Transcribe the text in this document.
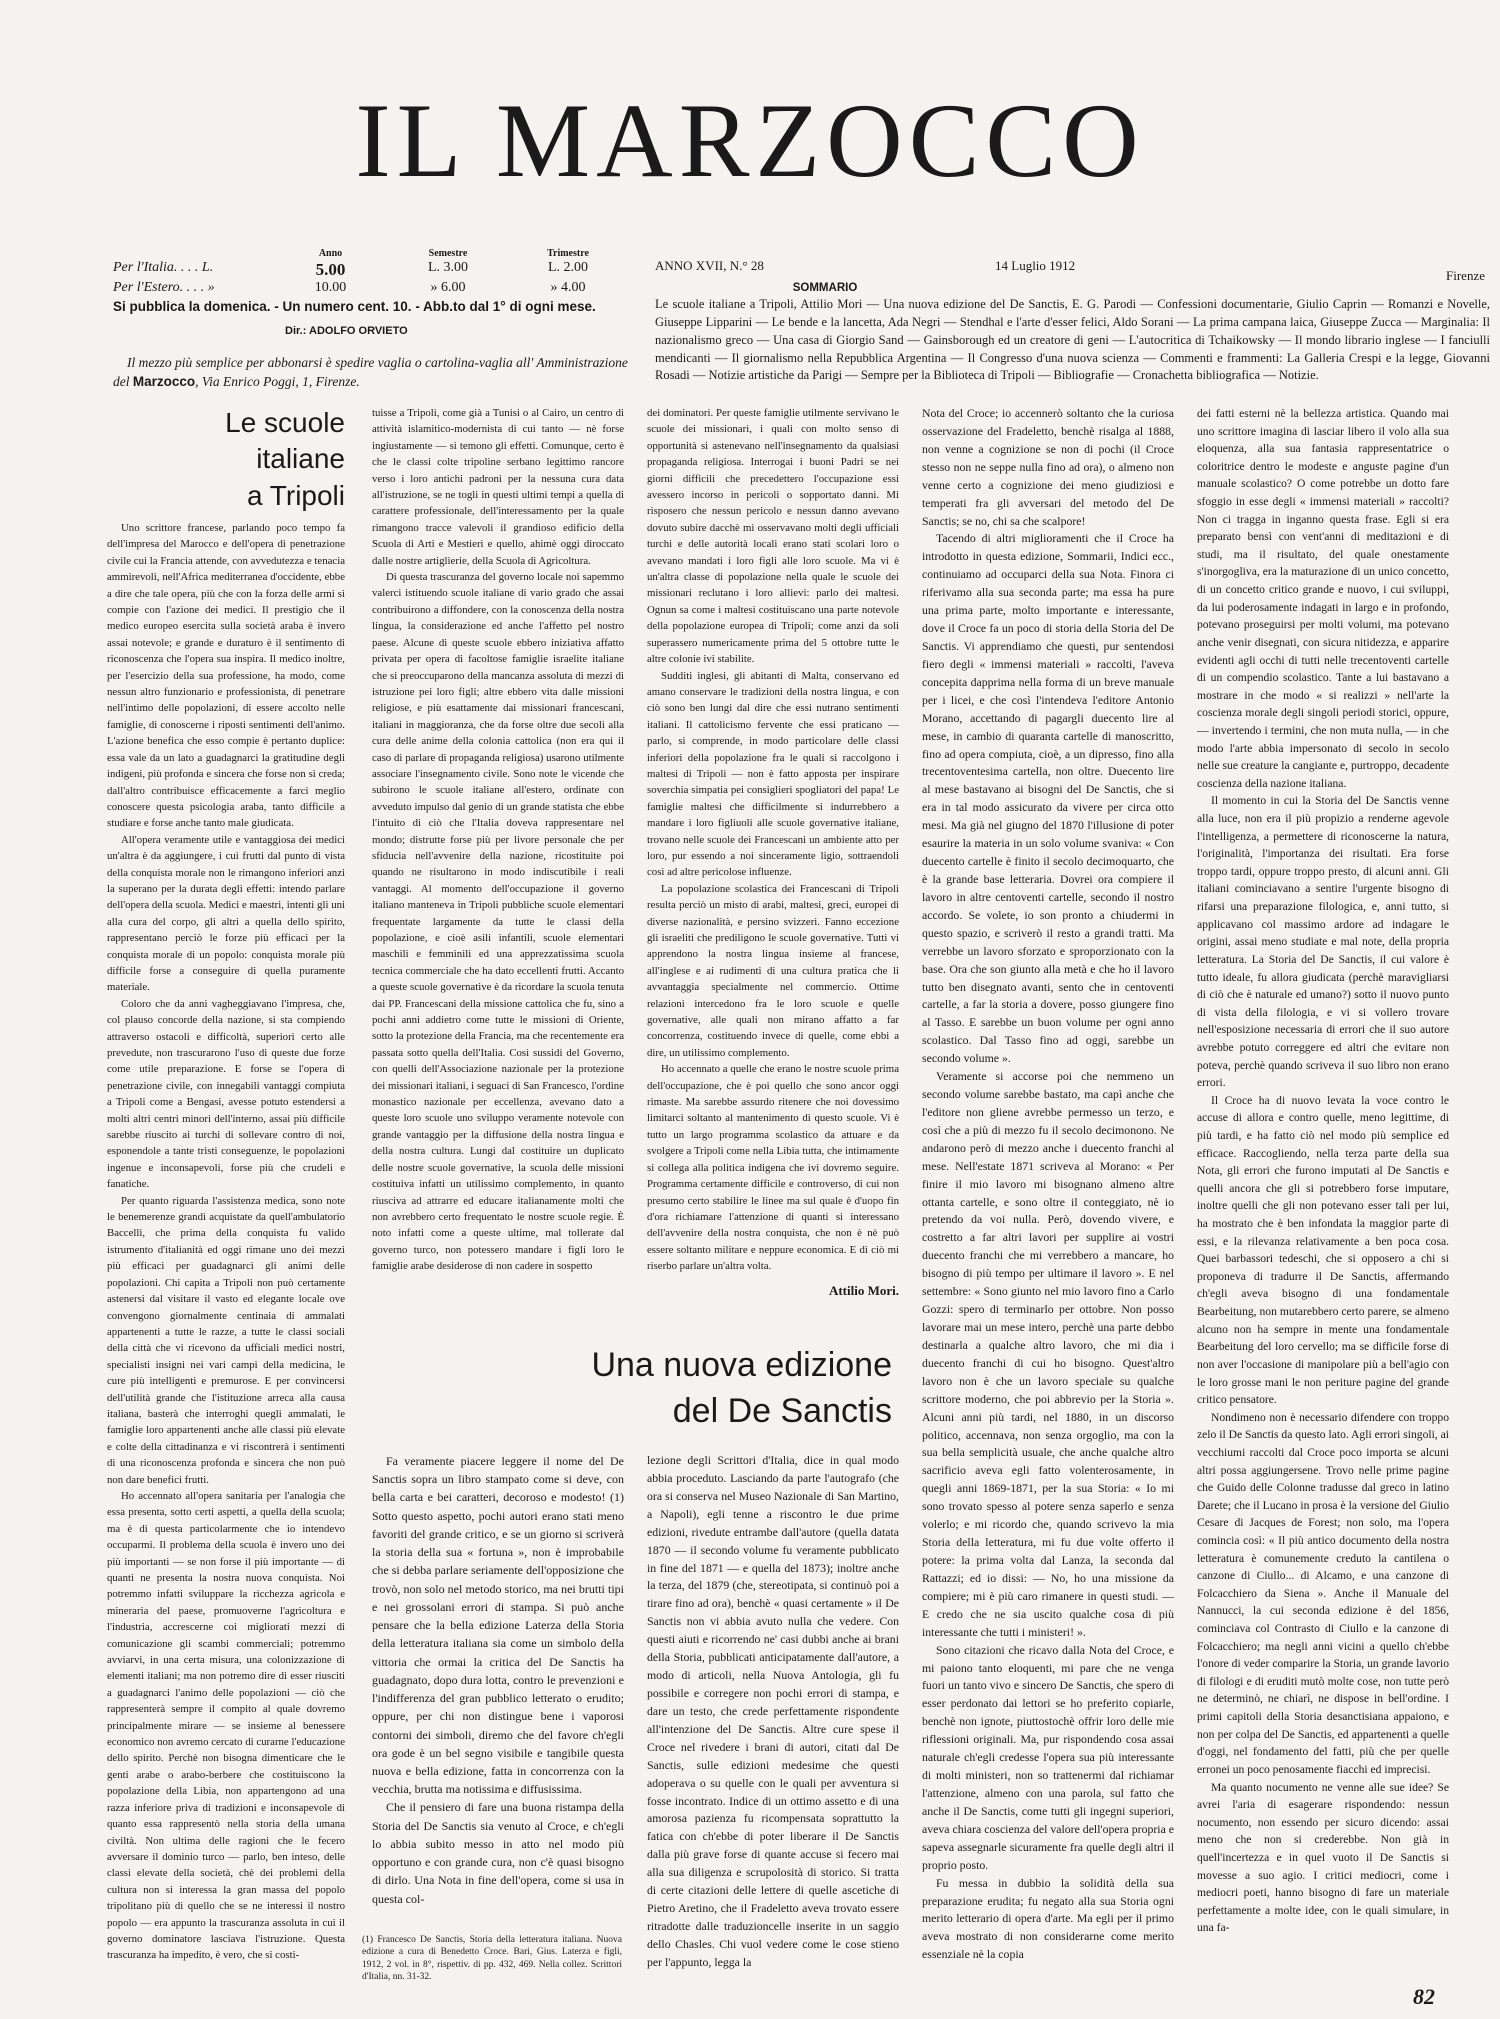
IL MARZOCCO
Anno	Semestre	Trimestre
Per l'Italia. . . . L.	5.00	L. 3.00	L. 2.00
Per l'Estero. . . . »	10.00	» 6.00	» 4.00
Si pubblica la domenica. - Un numero cent. 10. - Abb.to dal 1° di ogni mese.
Dir.: ADOLFO ORVIETO
Il mezzo più semplice per abbonarsi è spedire vaglia o cartolina-vaglia all' Amministrazione del Marzocco, Via Enrico Poggi, 1, Firenze.
ANNO XVII, N.° 28	14 Luglio 1912
Firenze
SOMMARIO
Le scuole italiane a Tripoli, Attilio Mori — Una nuova edizione del De Sanctis, E. G. Parodi — Confessioni documentarie, Giulio Caprin — Romanzi e Novelle, Giuseppe Lipparini — Le bende e la lancetta, Ada Negri — Stendhal e l'arte d'esser felici, Aldo Sorani — La prima campana laica, Giuseppe Zucca — Marginalia: Il nazionalismo greco — Una casa di Giorgio Sand — Gainsborough ed un creatore di geni — L'autocritica di Tchaikowsky — Il mondo librario inglese — I fanciulli mendicanti — Il giornalismo nella Repubblica Argentina — Il Congresso d'una nuova scienza — Commenti e frammenti: La Galleria Crespi e la legge, Giovanni Rosadi — Notizie artistiche da Parigi — Sempre per la Biblioteca di Tripoli — Bibliografie — Cronachetta bibliografica — Notizie.
Le scuole
italiane
a Tripoli

Uno scrittore francese, parlando poco tempo fa dell'impresa del Marocco e dell'opera di penetrazione civile cui la Francia attende, con avvedutezza e tenacia ammirevoli, nell'Africa mediterranea d'occidente, ebbe a dire che tale opera, più che con la forza delle armi si compie con l'azione dei medici. Il prestigio che il medico europeo esercita sulla società araba è invero assai notevole; e grande e duraturo è il sentimento di riconoscenza che l'opera sua inspira. Il medico inoltre, per l'esercizio della sua professione, ha modo, come nessun altro funzionario e professionista, di penetrare nell'intimo delle popolazioni, di essere accolto nelle famiglie, di conoscerne i riposti sentimenti dell'animo. L'azione benefica che esso compie è pertanto duplice: essa vale da un lato a guadagnarci la gratitudine degli indigeni, più profonda e sincera che forse non si creda; dall'altro contribuisce efficacemente a farci meglio conoscere questa psicologia araba, tanto difficile a studiare e forse anche tanto male giudicata.

All'opera veramente utile e vantaggiosa dei medici un'altra è da aggiungere, i cui frutti dal punto di vista della conquista morale non le rimangono inferiori anzi la superano per la durata degli effetti: intendo parlare dell'opera della scuola. Medici e maestri, intenti gli uni alla cura del corpo, gli altri a quella dello spirito, rappresentano perciò le forze più efficaci per la conquista morale di un popolo: conquista morale più difficile forse a conseguire di quella puramente materiale.

Coloro che da anni vagheggiavano l'impresa, che, col plauso concorde della nazione, si sta compiendo attraverso ostacoli e difficoltà, superiori certo alle prevedute, non trascurarono l'uso di queste due forze come utile preparazione. E forse se l'opera di penetrazione civile, con innegabili vantaggi compiuta a Tripoli come a Bengasi, avesse potuto estendersi a molti altri centri minori dell'interno, assai più difficile sarebbe riuscito ai turchi di sollevare contro di noi, esponendole a tante tristi conseguenze, le popolazioni ingenue e inconsapevoli, forse più che crudeli e fanatiche.

Per quanto riguarda l'assistenza medica, sono note le benemerenze grandi acquistate da quell'ambulatorio Baccelli, che prima della conquista fu valido istrumento d'italianità ed oggi rimane uno dei mezzi più efficaci per guadagnarci gli animi delle popolazioni. Chi capita a Tripoli non può certamente astenersi dal visitare il vasto ed elegante locale ove convengono giornalmente centinaia di ammalati appartenenti a tutte le razze, a tutte le classi sociali della città che vi ricevono da ufficiali medici nostri, specialisti insigni nei vari campi della medicina, le cure più intelligenti e premurose. E per convincersi dell'utilità grande che l'istituzione arreca alla causa italiana, basterà che interroghi quegli ammalati, le famiglie loro appartenenti anche alle classi più elevate e colte della cittadinanza e vi riscontrerà i sentimenti di una riconoscenza profonda e sincera che non può non dare benefici frutti.

Ho accennato all'opera sanitaria per l'analogia che essa presenta, sotto certi aspetti, a quella della scuola; ma è di questa particolarmente che io intendevo occuparmi. Il problema della scuola è invero uno dei più importanti — se non forse il più importante — di quanti ne presenta la nostra nuova conquista. Noi potremmo infatti sviluppare la ricchezza agricola e mineraria del paese, promuoverne l'agricoltura e l'industria, accrescerne coi migliorati mezzi di comunicazione gli scambi commerciali; potremmo avviarvi, in una certa misura, una colonizzazione di elementi italiani; ma non potremo dire di esser riusciti a guadagnarci l'animo delle popolazioni — ciò che rappresenterà sempre il compito al quale dovremo principalmente mirare — se insieme al benessere economico non avremo cercato di curarne l'educazione dello spirito. Perchè non bisogna dimenticare che le genti arabe o arabo-berbere che costituiscono la popolazione della Libia, non appartengono ad una razza inferiore priva di tradizioni e inconsapevole di quanto essa rappresentò nella storia della umana civiltà. Non ultima delle ragioni che le fecero avversare il dominio turco — parlo, ben inteso, delle classi elevate della società, chè dei problemi della cultura non si interessa la gran massa del popolo tripolitano più di quello che se ne interessi il nostro popolo — era appunto la trascuranza assoluta in cui il governo dominatore lasciava l'istruzione. Questa trascuranza ha impedito, è vero, che si costi-

tuisse a Tripoli, come già a Tunisi o al Cairo, un centro di attività islamitico-modernista di cui tanto — nè forse ingiustamente — si temono gli effetti. Comunque, certo è che le classi colte tripoline serbano legittimo rancore verso i loro antichi padroni per la nessuna cura data all'istruzione, se ne togli in questi ultimi tempi a quella di carattere professionale, dell'interessamento per la quale rimangono tracce valevoli il grandioso edificio della Scuola di Arti e Mestieri e quello, ahimè oggi diroccato dalle nostre artiglierie, della Scuola di Agricoltura.

Di questa trascuranza del governo locale noi sapemmo valerci istituendo scuole italiane di vario grado che assai contribuirono a diffondere, con la conoscenza della nostra lingua, la considerazione ed anche l'affetto pel nostro paese. Alcune di queste scuole ebbero iniziativa affatto privata per opera di facoltose famiglie israelite italiane che si preoccuparono della mancanza assoluta di mezzi di istruzione pei loro figli; altre ebbero vita dalle missioni religiose, e più esattamente dai missionari francescani, italiani in maggioranza, che da forse oltre due secoli alla cura delle anime della colonia cattolica (non era qui il caso di parlare di propaganda religiosa) usarono utilmente associare l'insegnamento civile. Sono note le vicende che subirono le scuole italiane all'estero, ordinate con avveduto impulso dal genio di un grande statista che ebbe l'intuito di ciò che l'Italia doveva rappresentare nel mondo; distrutte forse più per livore personale che per sfiducia nell'avvenire della nazione, ricostituite poi quando ne risultarono in modo indiscutibile i reali vantaggi. Al momento dell'occupazione il governo italiano manteneva in Tripoli pubbliche scuole elementari frequentate largamente da tutte le classi della popolazione, e cioè asili infantili, scuole elementari maschili e femminili ed una apprezzatissima scuola tecnica commerciale che ha dato eccellenti frutti. Accanto a queste scuole governative è da ricordare la scuola tenuta dai PP. Francescani della missione cattolica che fu, sino a pochi anni addietro come tutte le missioni di Oriente, sotto la protezione della Francia, ma che recentemente era passata sotto quella dell'Italia. Così sussidi del Governo, con quelli dell'Associazione nazionale per la protezione dei missionari italiani, i seguaci di San Francesco, l'ordine monastico nazionale per eccellenza, avevano dato a queste loro scuole uno sviluppo veramente notevole con grande vantaggio per la diffusione della nostra lingua e della nostra cultura. Lungi dal costituire un duplicato delle nostre scuole governative, la scuola delle missioni costituiva infatti un utilissimo complemento, in quanto riusciva ad attrarre ed educare italianamente molti che non avrebbero certo frequentato le nostre scuole regie. È noto infatti come a queste ultime, mal tollerate dal governo turco, non potessero mandare i figli loro le famiglie arabe desiderose di non cadere in sospetto

dei dominatori. Per queste famiglie utilmente servivano le scuole dei missionari, i quali con molto senso di opportunità si astenevano nell'insegnamento da qualsiasi propaganda religiosa. Interrogai i buoni Padri se nei giorni difficili che precedettero l'occupazione essi avessero incorso in pericoli o sopportato danni. Mi risposero che nessun pericolo e nessun danno avevano dovuto subire dacchè mi osservavano molti degli ufficiali turchi e delle autorità locali erano stati scolari loro o avevano mandati i loro figli alle loro scuole. Ma vi è un'altra classe di popolazione nella quale le scuole dei missionari reclutano i loro allievi: parlo dei maltesi. Ognun sa come i maltesi costituiscano una parte notevole della popolazione europea di Tripoli; come anzi da soli superassero numericamente prima del 5 ottobre tutte le altre colonie ivi stabilite.

Sudditi inglesi, gli abitanti di Malta, conservano ed amano conservare le tradizioni della nostra lingua, e con ciò sono ben lungi dal dire che essi nutrano sentimenti italiani. Il cattolicismo fervente che essi praticano — parlo, si comprende, in modo particolare delle classi inferiori della popolazione fra le quali si raccolgono i maltesi di Tripoli — non è fatto apposta per inspirare soverchia simpatia pei consiglieri spogliatori del papa! Le famiglie maltesi che difficilmente si indurrebbero a mandare i loro figliuoli alle scuole governative italiane, trovano nelle scuole dei Francescani un ambiente atto per loro, pur essendo a noi sinceramente ligio, sottraendoli così ad altre pericolose influenze.

La popolazione scolastica dei Francescani di Tripoli resulta perciò un misto di arabi, maltesi, greci, europei di diverse nazionalità, e persino svizzeri. Fanno eccezione gli israeliti che prediligono le scuole governative. Tutti vi apprendono la nostra lingua insieme al francese, all'inglese e ai rudimenti di una cultura pratica che li avvantaggia specialmente nel commercio. Ottime relazioni intercedono fra le loro scuole e quelle governative, alle quali non mirano affatto a far concorrenza, costituendo invece di quelle, come ebbi a dire, un utilissimo complemento.

Ho accennato a quelle che erano le nostre scuole prima dell'occupazione, che è poi quello che sono ancor oggi rimaste. Ma sarebbe assurdo ritenere che noi dovessimo limitarci soltanto al mantenimento di questo scuole. Vi è tutto un largo programma scolastico da attuare e da svolgere a Tripoli come nella Libia tutta, che intimamente si collega alla politica indigena che ivi dovremo seguire. Programma certamente difficile e controverso, di cui non presumo certo stabilire le linee ma sul quale è d'uopo fin d'ora richiamare l'attenzione di quanti si interessano dell'avvenire della nostra conquista, che non è nè può essere soltanto militare e neppure economica. E di ciò mi riserbo parlare un'altra volta.

Attilio Mori.
Una nuova edizione
del De Sanctis

Fa veramente piacere leggere il nome del De Sanctis sopra un libro stampato come si deve, con bella carta e bei caratteri, decoroso e modesto! (1) Sotto questo aspetto, pochi autori erano stati meno favoriti del grande critico, e se un giorno si scriverà la storia della sua « fortuna », non è improbabile che si debba parlare seriamente dell'opposizione che trovò, non solo nel metodo storico, ma nei brutti tipi e nei grossolani errori di stampa. Si può anche pensare che la bella edizione Laterza della Storia della letteratura italiana sia come un simbolo della vittoria che ormai la critica del De Sanctis ha guadagnato, dopo dura lotta, contro le prevenzioni e l'indifferenza del gran pubblico letterato o erudito; oppure, per chi non distingue bene i vaporosi contorni dei simboli, diremo che del favore ch'egli ora gode è un bel segno visibile e tangibile questa nuova e bella edizione, fatta in concorrenza con la vecchia, brutta ma notissima e diffusissima.

Che il pensiero di fare una buona ristampa della Storia del De Sanctis sia venuto al Croce, e ch'egli lo abbia subito messo in atto nel modo più opportuno e con grande cura, non c'è quasi bisogno di dirlo. Una Nota in fine dell'opera, come si usa in questa col-

(1) Francesco De Sanctis, Storia della letteratura italiana. Nuova edizione a cura di Benedetto Croce. Bari, Gius. Laterza e figli, 1912, 2 vol. in 8°, rispettiv. di pp. 432, 469. Nella collez. Scrittori d'Italia, nn. 31-32.

lezione degli Scrittori d'Italia, dice in qual modo abbia proceduto. Lasciando da parte l'autografo (che ora si conserva nel Museo Nazionale di San Martino, a Napoli), egli tenne a riscontro le due prime edizioni, rivedute entrambe dall'autore (quella datata 1870 — il secondo volume fu veramente pubblicato in fine del 1871 — e quella del 1873); inoltre anche la terza, del 1879 (che, stereotipata, si continuò poi a tirare fino ad ora), benchè « quasi certamente » il De Sanctis non vi abbia avuto nulla che vedere. Con questi aiuti e ricorrendo ne' casi dubbi anche ai brani della Storia, pubblicati anticipatamente dall'autore, a modo di articoli, nella Nuova Antologia, gli fu possibile e corregere non pochi errori di stampa, e dare un testo, che crede perfettamente rispondente all'intenzione del De Sanctis. Altre cure spese il Croce nel rivedere i brani di autori, citati dal De Sanctis, sulle edizioni medesime che questi adoperava o su quelle con le quali per avventura si fosse incontrato. Indice di un ottimo assetto e di una amorosa pazienza fu ricompensata soprattutto la fatica con ch'ebbe di poter liberare il De Sanctis dalla più grave forse di quante accuse si fecero mai alla sua diligenza e scrupolosità di storico. Si tratta di certe citazioni delle lettere di quelle ascetiche di Pietro Aretino, che il Fradeletto aveva trovato essere ritradotte dalle traduzioncelle inserite in un saggio dello Chasles. Chi vuol vedere come le cose stieno per l'appunto, legga la

Nota del Croce; io accennerò soltanto che la curiosa osservazione del Fradeletto, benchè risalga al 1888, non venne a cognizione se non di pochi (il Croce stesso non ne seppe nulla fino ad ora), o almeno non venne certo a cognizione dei meno giudiziosi e temperati fra gli avversari del metodo del De Sanctis; se no, chi sa che scalpore!

Tacendo di altri miglioramenti che il Croce ha introdotto in questa edizione, Sommarii, Indici ecc., continuiamo ad occuparci della sua Nota. Finora ci riferivamo alla sua seconda parte; ma essa ha pure una prima parte, molto importante e interessante, dove il Croce fa un poco di storia della Storia del De Sanctis. Vi apprendiamo che questi, pur sentendosi fiero degli « immensi materiali » raccolti, l'aveva concepita dapprima nella forma di un breve manuale per i licei, e che così l'intendeva l'editore Antonio Morano, accettando di pagargli duecento lire al mese, in cambio di quaranta cartelle di manoscritto, fino ad opera compiuta, cioè, a un dipresso, fino alla trecentoventesima cartella, non oltre. Duecento lire al mese bastavano ai bisogni del De Sanctis, che si era in tal modo assicurato da vivere per circa otto mesi. Ma già nel giugno del 1870 l'illusione di poter esaurire la materia in un solo volume svaniva: « Con duecento cartelle è finito il secolo decimoquarto, che è la grande base letteraria. Dovrei ora compiere il lavoro in altre centoventi cartelle, secondo il nostro accordo. Se volete, io son pronto a chiudermi in questo spazio, e scriverò il resto a grandi tratti. Ma verrebbe un lavoro sforzato e sproporzionato con la base. Ora che son giunto alla metà e che ho il lavoro tutto ben disegnato avanti, sento che in centoventi cartelle, a far la storia a dovere, posso giungere fino al Tasso. E sarebbe un buon volume per ogni anno scolastico. Dal Tasso fino ad oggi, sarebbe un secondo volume ».

Veramente si accorse poi che nemmeno un secondo volume sarebbe bastato, ma capì anche che l'editore non gliene avrebbe permesso un terzo, e così che a più di mezzo fu il secolo decimonono. Ne andarono però di mezzo anche i duecento franchi al mese. Nell'estate 1871 scriveva al Morano: « Per finire il mio lavoro mi bisognano almeno altre ottanta cartelle, e sono oltre il conteggiato, nè io pretendo da voi nulla. Però, dovendo vivere, e costretto a far altri lavori per supplire ai vostri duecento franchi che mi verrebbero a mancare, ho bisogno di più tempo per ultimare il lavoro ». E nel settembre: « Sono giunto nel mio lavoro fino a Carlo Gozzi: spero di terminarlo per ottobre. Non posso lavorare mai un mese intero, perchè una parte debbo destinarla a qualche altro lavoro, che mi dia i duecento franchi di cui ho bisogno. Quest'altro lavoro non è che un lavoro speciale su qualche scrittore moderno, che poi abbrevio per la Storia ». Alcuni anni più tardi, nel 1880, in un discorso politico, accennava, non senza orgoglio, ma con la sua bella semplicità usuale, che anche qualche altro sacrificio aveva egli fatto volenterosamente, in quegli anni 1869-1871, per la sua Storia: « Io mi sono trovato spesso al potere senza saperlo e senza volerlo; e mi ricordo che, quando scrivevo la mia Storia della letteratura, mi fu due volte offerto il potere: la prima volta dal Lanza, la seconda dal Rattazzi; ed io dissi: — No, ho una missione da compiere; mi è più caro rimanere in questi studi. — E credo che ne sia uscito qualche cosa di più interessante che tutti i ministeri! ».

Sono citazioni che ricavo dalla Nota del Croce, e mi paiono tanto eloquenti, mi pare che ne venga fuori un tanto vivo e sincero De Sanctis, che spero di esser perdonato dai lettori se ho preferito copiarle, benchè non ignote, piuttostochè offrir loro delle mie riflessioni originali. Ma, pur rispondendo cosa assai naturale ch'egli credesse l'opera sua più interessante di molti ministeri, non so trattenermi dal richiamar l'attenzione, almeno con una parola, sul fatto che anche il De Sanctis, come tutti gli ingegni superiori, aveva chiara coscienza del valore dell'opera propria e sapeva assegnarle sicuramente fra quelle degli altri il proprio posto.

Fu messa in dubbio la solidità della sua preparazione erudita; fu negato alla sua Storia ogni merito letterario di opera d'arte. Ma egli per il primo aveva mostrato di non considerarne come merito essenziale nè la copia

dei fatti esterni nè la bellezza artistica. Quando mai uno scrittore imagina di lasciar libero il volo alla sua eloquenza, alla sua fantasia rappresentatrice o coloritrice dentro le modeste e anguste pagine d'un manuale scolastico? O come potrebbe un dotto fare sfoggio in esse degli « immensi materiali » raccolti? Non ci tragga in inganno questa frase. Egli si era preparato bensì con vent'anni di meditazioni e di studi, ma il risultato, del quale onestamente s'inorgogliva, era la maturazione di un unico concetto, di un concetto critico grande e nuovo, i cui sviluppi, da lui poderosamente indagati in largo e in profondo, potevano proseguirsi per molti volumi, ma potevano anche venir disegnati, con sicura nitidezza, e apparire evidenti agli occhi di tutti nelle trecentoventi cartelle di un compendio scolastico. Tante a lui bastavano a mostrare in che modo « si realizzi » nell'arte la coscienza morale degli singoli periodi storici, oppure, — invertendo i termini, che non muta nulla, — in che modo l'arte abbia impersonato di secolo in secolo nelle sue creature la cangiante e, purtroppo, decadente coscienza della nazione italiana.

Il momento in cui la Storia del De Sanctis venne alla luce, non era il più propizio a renderne agevole l'intelligenza, a permettere di riconoscerne la natura, l'originalità, l'importanza dei risultati. Era forse troppo tardi, oppure troppo presto, di alcuni anni. Gli italiani cominciavano a sentire l'urgente bisogno di rifarsi una preparazione filologica, e, anni tutto, si applicavano col massimo ardore ad indagare le origini, assai meno studiate e mal note, della propria letteratura. La Storia del De Sanctis, il cui valore è tutto ideale, fu allora giudicata (perchè maravigliarsi di ciò che è naturale ed umano?) sotto il nuovo punto di vista della filologia, e vi si vollero trovare nell'esposizione necessaria di errori che il suo autore avrebbe potuto correggere ed altri che evitare non poteva, perchè quando scriveva il suo libro non erano errori.

Il Croce ha di nuovo levata la voce contro le accuse di allora e contro quelle, meno legittime, di più tardi, e ha fatto ciò nel modo più semplice ed efficace. Raccogliendo, nella terza parte della sua Nota, gli errori che furono imputati al De Sanctis e quelli ancora che gli si potrebbero forse imputare, inoltre quelli che gli non potevano esser tali per lui, ha mostrato che è ben infondata la maggior parte di essi, e la rilevanza relativamente a ben poca cosa. Quei barbassori tedeschi, che si opposero a chi si proponeva di tradurre il De Sanctis, affermando ch'egli aveva bisogno di una fondamentale Bearbeitung, non mutarebbero certo parere, se almeno alcuno non ha sempre in mente una fondamentale Bearbeitung del loro cervello; ma se difficile forse di non aver l'occasione di manipolare più a bell'agio con le loro grosse mani le non periture pagine del grande critico pensatore.

Nondimeno non è necessario difendere con troppo zelo il De Sanctis da questo lato. Agli errori singoli, ai vecchiumi raccolti dal Croce poco importa se alcuni altri possa aggiungersene. Trovo nelle prime pagine che Guido delle Colonne tradusse dal greco in latino Darete; che il Lucano in prosa è la versione del Giulio Cesare di Jacques de Forest; non solo, ma l'opera comincia così: « Il più antico documento della nostra letteratura è comunemente creduto la cantilena o canzone di Ciullo... di Alcamo, e una canzone di Folcacchiero da Siena ». Anche il Manuale del Nannucci, la cui seconda edizione è del 1856, cominciava col Contrasto di Ciullo e la canzone di Folcacchiero; ma negli anni vicini a quello ch'ebbe l'onore di veder comparire la Storia, un grande lavorio di filologi e di eruditi mutò molte cose, non tutte però ne determinò, ne chiarì, ne dispose in bell'ordine. I primi capitoli della Storia desanctisiana appaiono, e non per colpa del De Sanctis, ed appartenenti a quelle d'oggi, nel fondamento del fatti, più che per quelle erronei un poco penosamente fiacchi ed imprecisi.

Ma quanto nocumento ne venne alle sue idee? Se avrei l'aria di esagerare rispondendo: nessun nocumento, non essendo per sicuro dicendo: assai meno che non si crederebbe. Non già in quell'incertezza e in quel vuoto il De Sanctis si movesse a suo agio. I critici mediocri, come i mediocri poeti, hanno bisogno di fare un materiale perfettamente a molte idee, con le quali simulare, in una fa-

82
